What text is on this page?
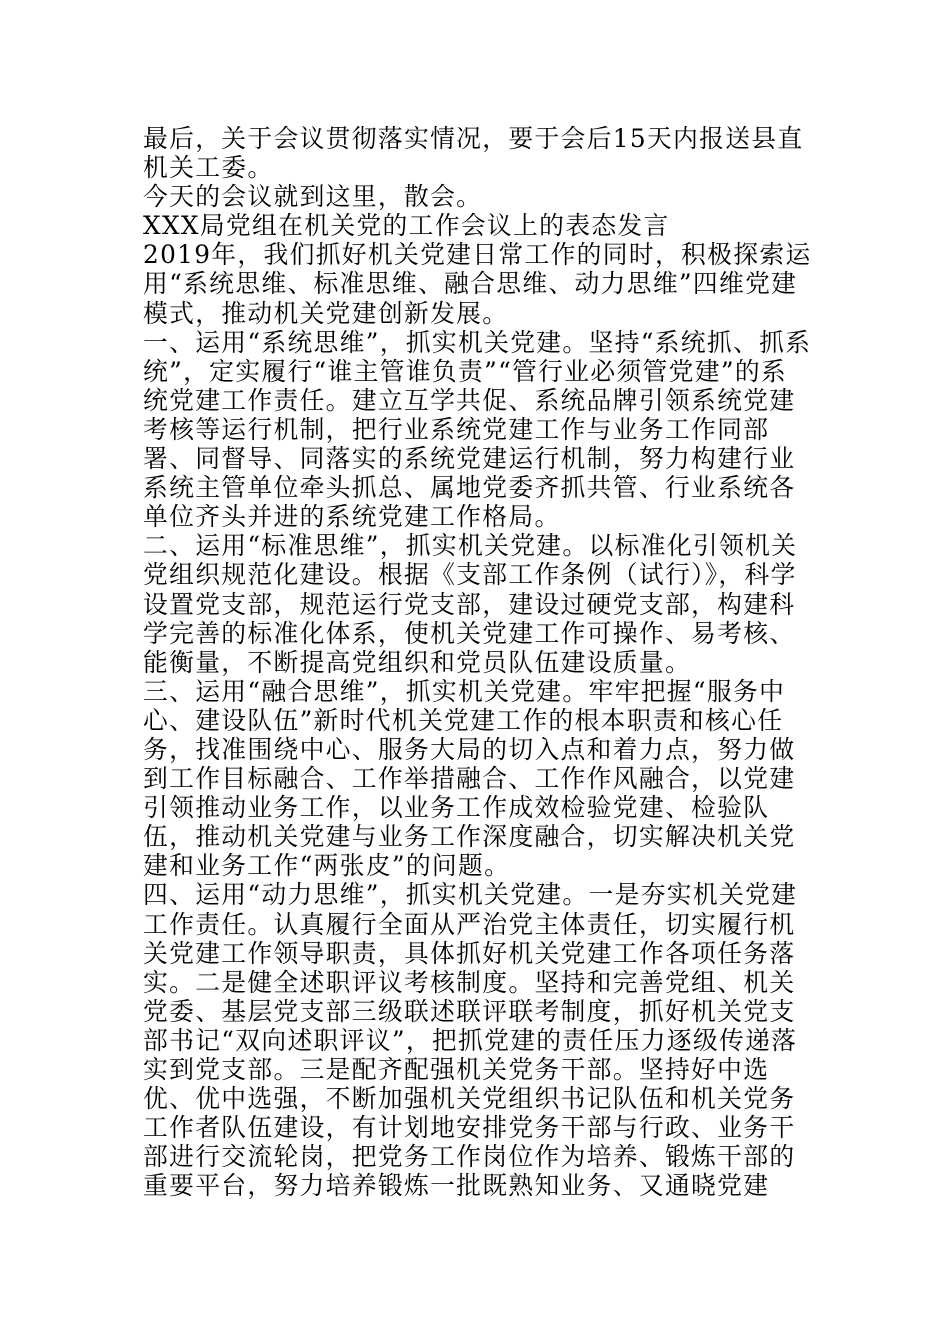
最后，关于会议贯彻落实情况，要于会后15天内报送县直机关工委。

今天的会议就到这里，散会。

XXX局党组在机关党的工作会议上的表态发言

2019年，我们抓好机关党建日常工作的同时，积极探索运用“系统思维、标准思维、融合思维、动力思维”四维党建模式，推动机关党建创新发展。

一、运用“系统思维”，抓实机关党建。坚持“系统抓、抓系统”，定实履行“谁主管谁负责”“管行业必须管党建”的系统党建工作责任。建立互学共促、系统品牌引领系统党建考核等运行机制，把行业系统党建工作与业务工作同部署、同督导、同落实的系统党建运行机制，努力构建行业系统主管单位牵头抓总、属地党委齐抓共管、行业系统各单位齐头并进的系统党建工作格局。

二、运用“标准思维”，抓实机关党建。以标准化引领机关党组织规范化建设。根据《支部工作条例（试行）》，科学设置党支部，规范运行党支部，建设过硬党支部，构建科学完善的标准化体系，使机关党建工作可操作、易考核、能衡量，不断提高党组织和党员队伍建设质量。

三、运用“融合思维”，抓实机关党建。牢牢把握“服务中心、建设队伍”新时代机关党建工作的根本职责和核心任务，找准围绕中心、服务大局的切入点和着力点，努力做到工作目标融合、工作举措融合、工作作风融合，以党建引领推动业务工作，以业务工作成效检验党建、检验队伍，推动机关党建与业务工作深度融合，切实解决机关党建和业务工作“两张皮”的问题。

四、运用“动力思维”，抓实机关党建。一是夯实机关党建工作责任。认真履行全面从严治党主体责任，切实履行机关党建工作领导职责，具体抓好机关党建工作各项任务落实。二是健全述职评议考核制度。坚持和完善党组、机关党委、基层党支部三级联述联评联考制度，抓好机关党支部书记“双向述职评议”，把抓党建的责任压力逐级传递落实到党支部。三是配齐配强机关党务干部。坚持好中选优、优中选强，不断加强机关党组织书记队伍和机关党务工作者队伍建设，有计划地安排党务干部与行政、业务干部进行交流轮岗，把党务工作岗位作为培养、锻炼干部的重要平台，努力培养锻炼一批既熟知业务、又通晓党建
